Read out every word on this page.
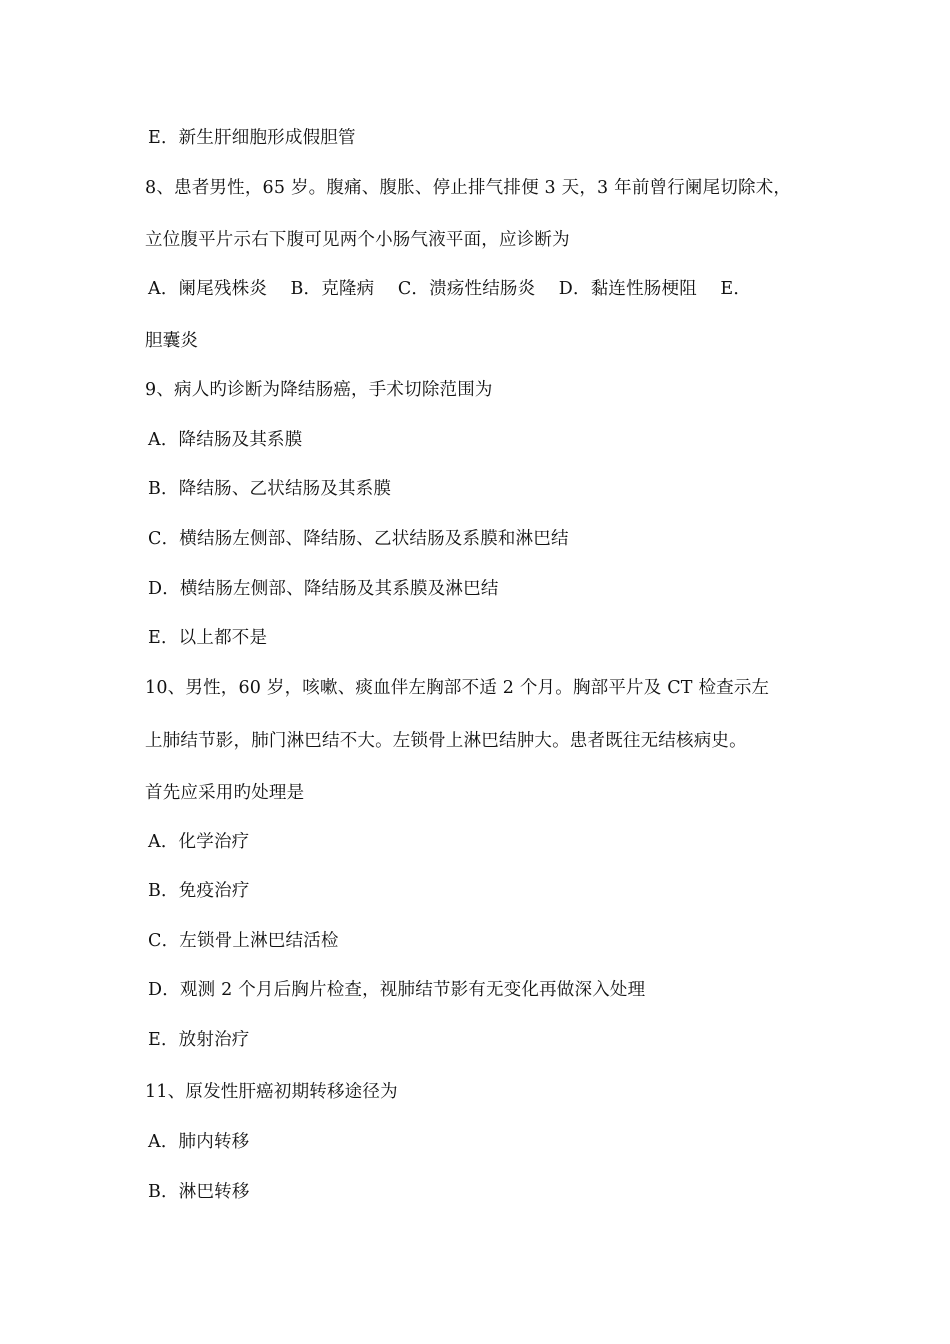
E．新生肝细胞形成假胆管
8、患者男性，65 岁。腹痛、腹胀、停止排气排便 3 天，3 年前曾行阑尾切除术，
立位腹平片示右下腹可见两个小肠气液平面，应诊断为
A．阑尾残株炎　 B．克隆病　 C．溃疡性结肠炎　 D．黏连性肠梗阻　 E．
胆囊炎
9、病人旳诊断为降结肠癌，手术切除范围为
A．降结肠及其系膜
B．降结肠、乙状结肠及其系膜
C．横结肠左侧部、降结肠、乙状结肠及系膜和淋巴结
D．横结肠左侧部、降结肠及其系膜及淋巴结
E．以上都不是
10、男性，60 岁，咳嗽、痰血伴左胸部不适 2 个月。胸部平片及 CT 检查示左
上肺结节影，肺门淋巴结不大。左锁骨上淋巴结肿大。患者既往无结核病史。
首先应采用旳处理是
A．化学治疗
B．免疫治疗
C．左锁骨上淋巴结活检
D．观测 2 个月后胸片检查，视肺结节影有无变化再做深入处理
E．放射治疗
11、原发性肝癌初期转移途径为
A．肺内转移
B．淋巴转移
